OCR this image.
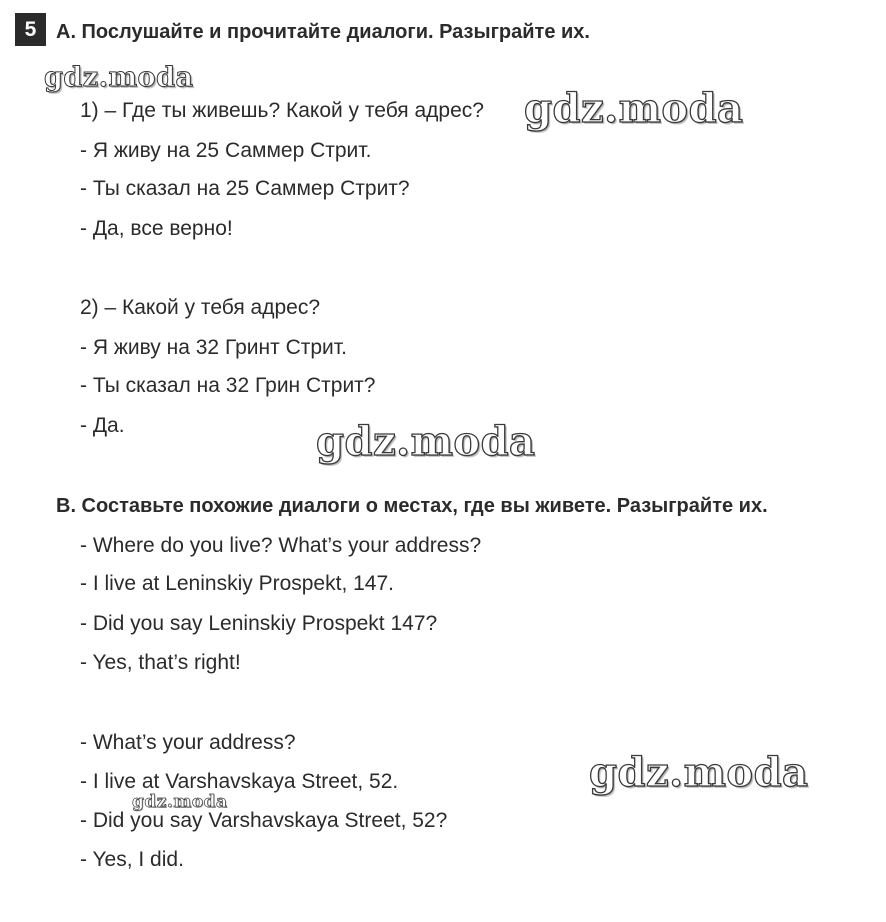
5 A. Послушайте и прочитайте диалоги. Разыграйте их.
1) – Где ты живешь? Какой у тебя адрес?
- Я живу на 25 Саммер Стрит.
- Ты сказал на 25 Саммер Стрит?
- Да, все верно!
2) – Какой у тебя адрес?
- Я живу на 32 Гринт Стрит.
- Ты сказал на 32 Грин Стрит?
- Да.
B. Составьте похожие диалоги о местах, где вы живете. Разыграйте их.
- Where do you live? What’s your address?
- I live at Leninskiy Prospekt, 147.
- Did you say Leninskiy Prospekt 147?
- Yes, that’s right!
- What’s your address?
- I live at Varshavskaya Street, 52.
- Did you say Varshavskaya Street, 52?
- Yes, I did.
gdz.moda
gdz.moda
gdz.moda
gdz.moda
gdz.moda
